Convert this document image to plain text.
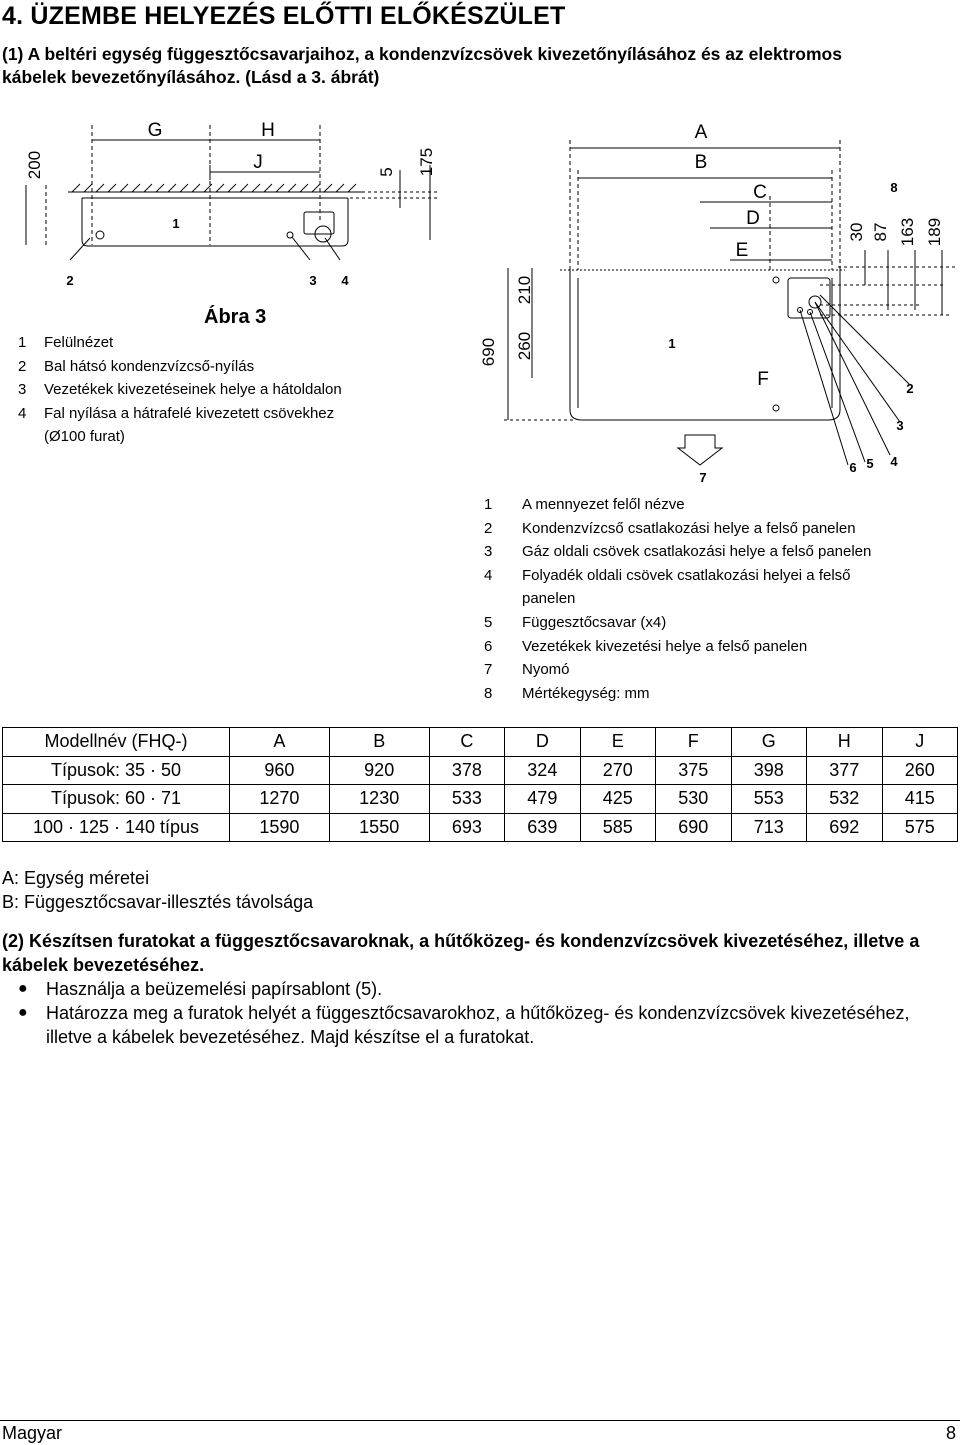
4. ÜZEMBE HELYEZÉS ELŐTTI ELŐKÉSZÜLET
(1) A beltéri egység függesztőcsavarjaihoz, a kondenzvízcsövek kivezetőnyílásához és az elektromos kábelek bevezetőnyílásához. (Lásd a 3. ábrát)
200
G	H
J	5 175
1
2	3 4
Ábra 3
1 Felülnézet
2 Bal hátsó kondenzvízcső-nyílás
3 Vezetékek kivezetéseinek helye a hátoldalon
4 Fal nyílása a hátrafelé kivezetett csövekhez
(Ø100 furat)
A
B
C
D
E
F
30 87 163 189
690 260
210
1
2
3
4
5
6
7
8
1	A mennyezet felől nézve
2	Kondenzvízcső csatlakozási helye a felső panelen
3	Gáz oldali csövek csatlakozási helye a felső panelen
4	Folyadék oldali csövek csatlakozási helyei a felső panelen
5	Függesztőcsavar (x4)
6	Vezetékek kivezetési helye a felső panelen
7	Nyomó
8	Mértékegység: mm
Modellnév (FHQ-)	A	B	C	D	E	F	G	H	J
Típusok: 35 · 50	960	920	378	324	270	375	398	377	260
Típusok: 60 · 71	1270	1230	533	479	425	530	553	532	415
100 · 125 · 140 típus	1590	1550	693	639	585	690	713	692	575
A: Egység méretei
B: Függesztőcsavar-illesztés távolsága
(2) Készítsen furatokat a függesztőcsavaroknak, a hűtőközeg- és kondenzvízcsövek kivezetéséhez, illetve a kábelek bevezetéséhez.
●	Használja a beüzemelési papírsablont (5).
●	Határozza meg a furatok helyét a függesztőcsavarokhoz, a hűtőközeg- és kondenzvízcsövek kivezetéséhez, illetve a kábelek bevezetéséhez. Majd készítse el a furatokat.
Magyar	8
